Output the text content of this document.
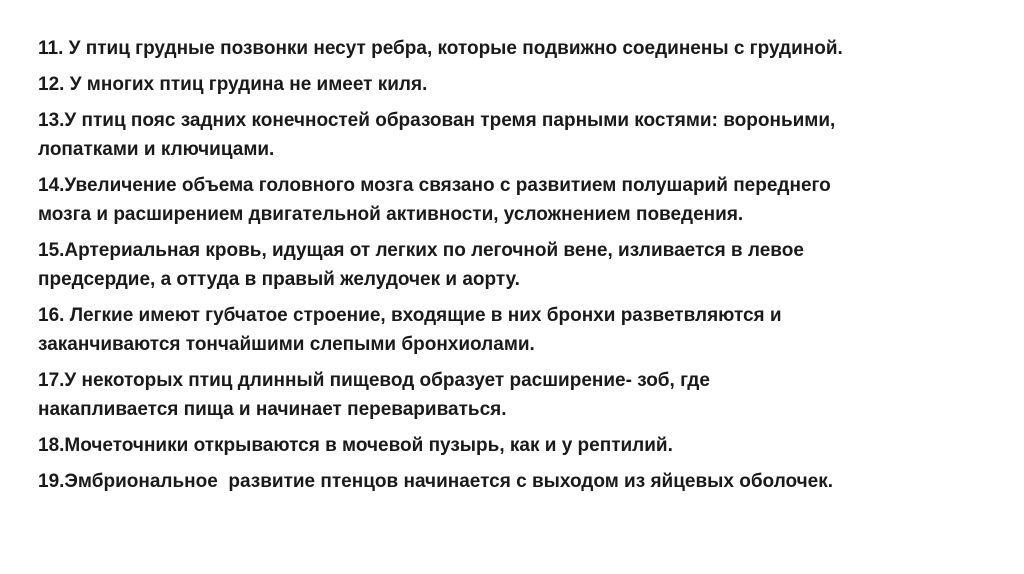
11. У птиц грудные позвонки несут ребра, которые подвижно соединены с грудиной.
12. У многих птиц грудина не имеет киля.
13.У птиц пояс задних конечностей образован тремя парными костями: вороньими,
лопатками и ключицами.
14.Увеличение объема головного мозга связано с развитием полушарий переднего
мозга и расширением двигательной активности, усложнением поведения.
15.Артериальная кровь, идущая от легких по легочной вене, изливается в левое
предсердие, а оттуда в правый желудочек и аорту.
16. Легкие имеют губчатое строение, входящие в них бронхи разветвляются и
заканчиваются тончайшими слепыми бронхиолами.
17.У некоторых птиц длинный пищевод образует расширение- зоб, где
накапливается пища и начинает перевариваться.
18.Мочеточники открываются в мочевой пузырь, как и у рептилий.
19.Эмбриональное  развитие птенцов начинается с выходом из яйцевых оболочек.
